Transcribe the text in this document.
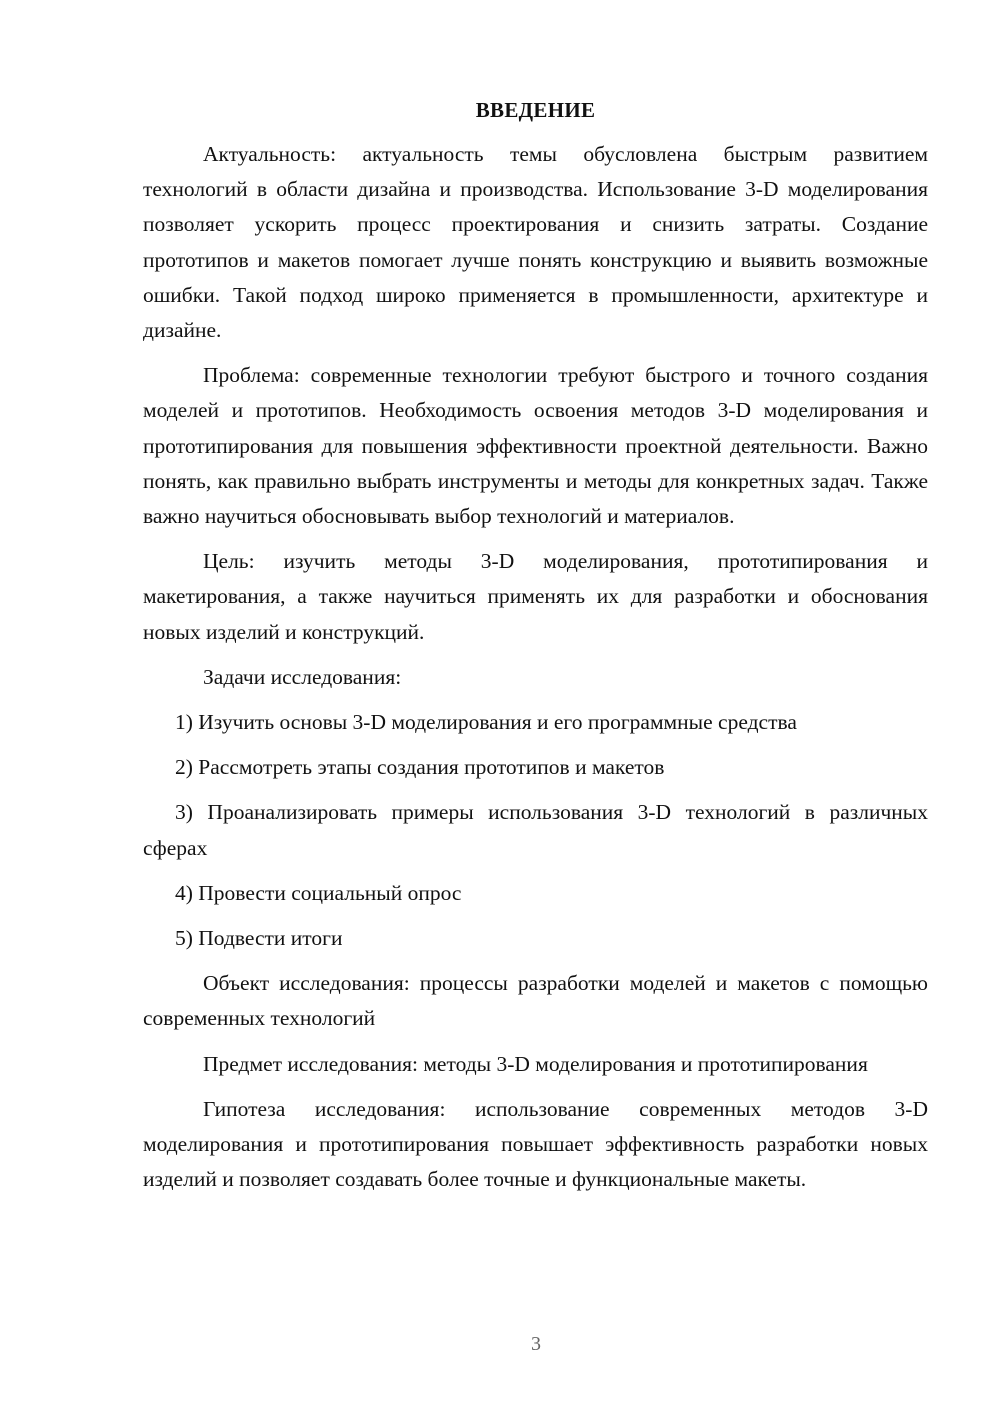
ВВЕДЕНИЕ

Актуальность: актуальность темы обусловлена быстрым развитием технологий в области дизайна и производства. Использование 3-D моделирования позволяет ускорить процесс проектирования и снизить затраты. Создание прототипов и макетов помогает лучше понять конструкцию и выявить возможные ошибки. Такой подход широко применяется в промышленности, архитектуре и дизайне.

Проблема: современные технологии требуют быстрого и точного создания моделей и прототипов. Необходимость освоения методов 3-D моделирования и прототипирования для повышения эффективности проектной деятельности. Важно понять, как правильно выбрать инструменты и методы для конкретных задач. Также важно научиться обосновывать выбор технологий и материалов.

Цель: изучить методы 3-D моделирования, прототипирования и макетирования, а также научиться применять их для разработки и обоснования новых изделий и конструкций.

Задачи исследования:

1) Изучить основы 3-D моделирования и его программные средства

2) Рассмотреть этапы создания прототипов и макетов

3) Проанализировать примеры использования 3-D технологий в различных сферах

4) Провести социальный опрос

5) Подвести итоги

Объект исследования: процессы разработки моделей и макетов с помощью современных технологий

Предмет исследования: методы 3-D моделирования и прототипирования

Гипотеза исследования: использование современных методов 3-D моделирования и прототипирования повышает эффективность разработки новых изделий и позволяет создавать более точные и функциональные макеты.

3
